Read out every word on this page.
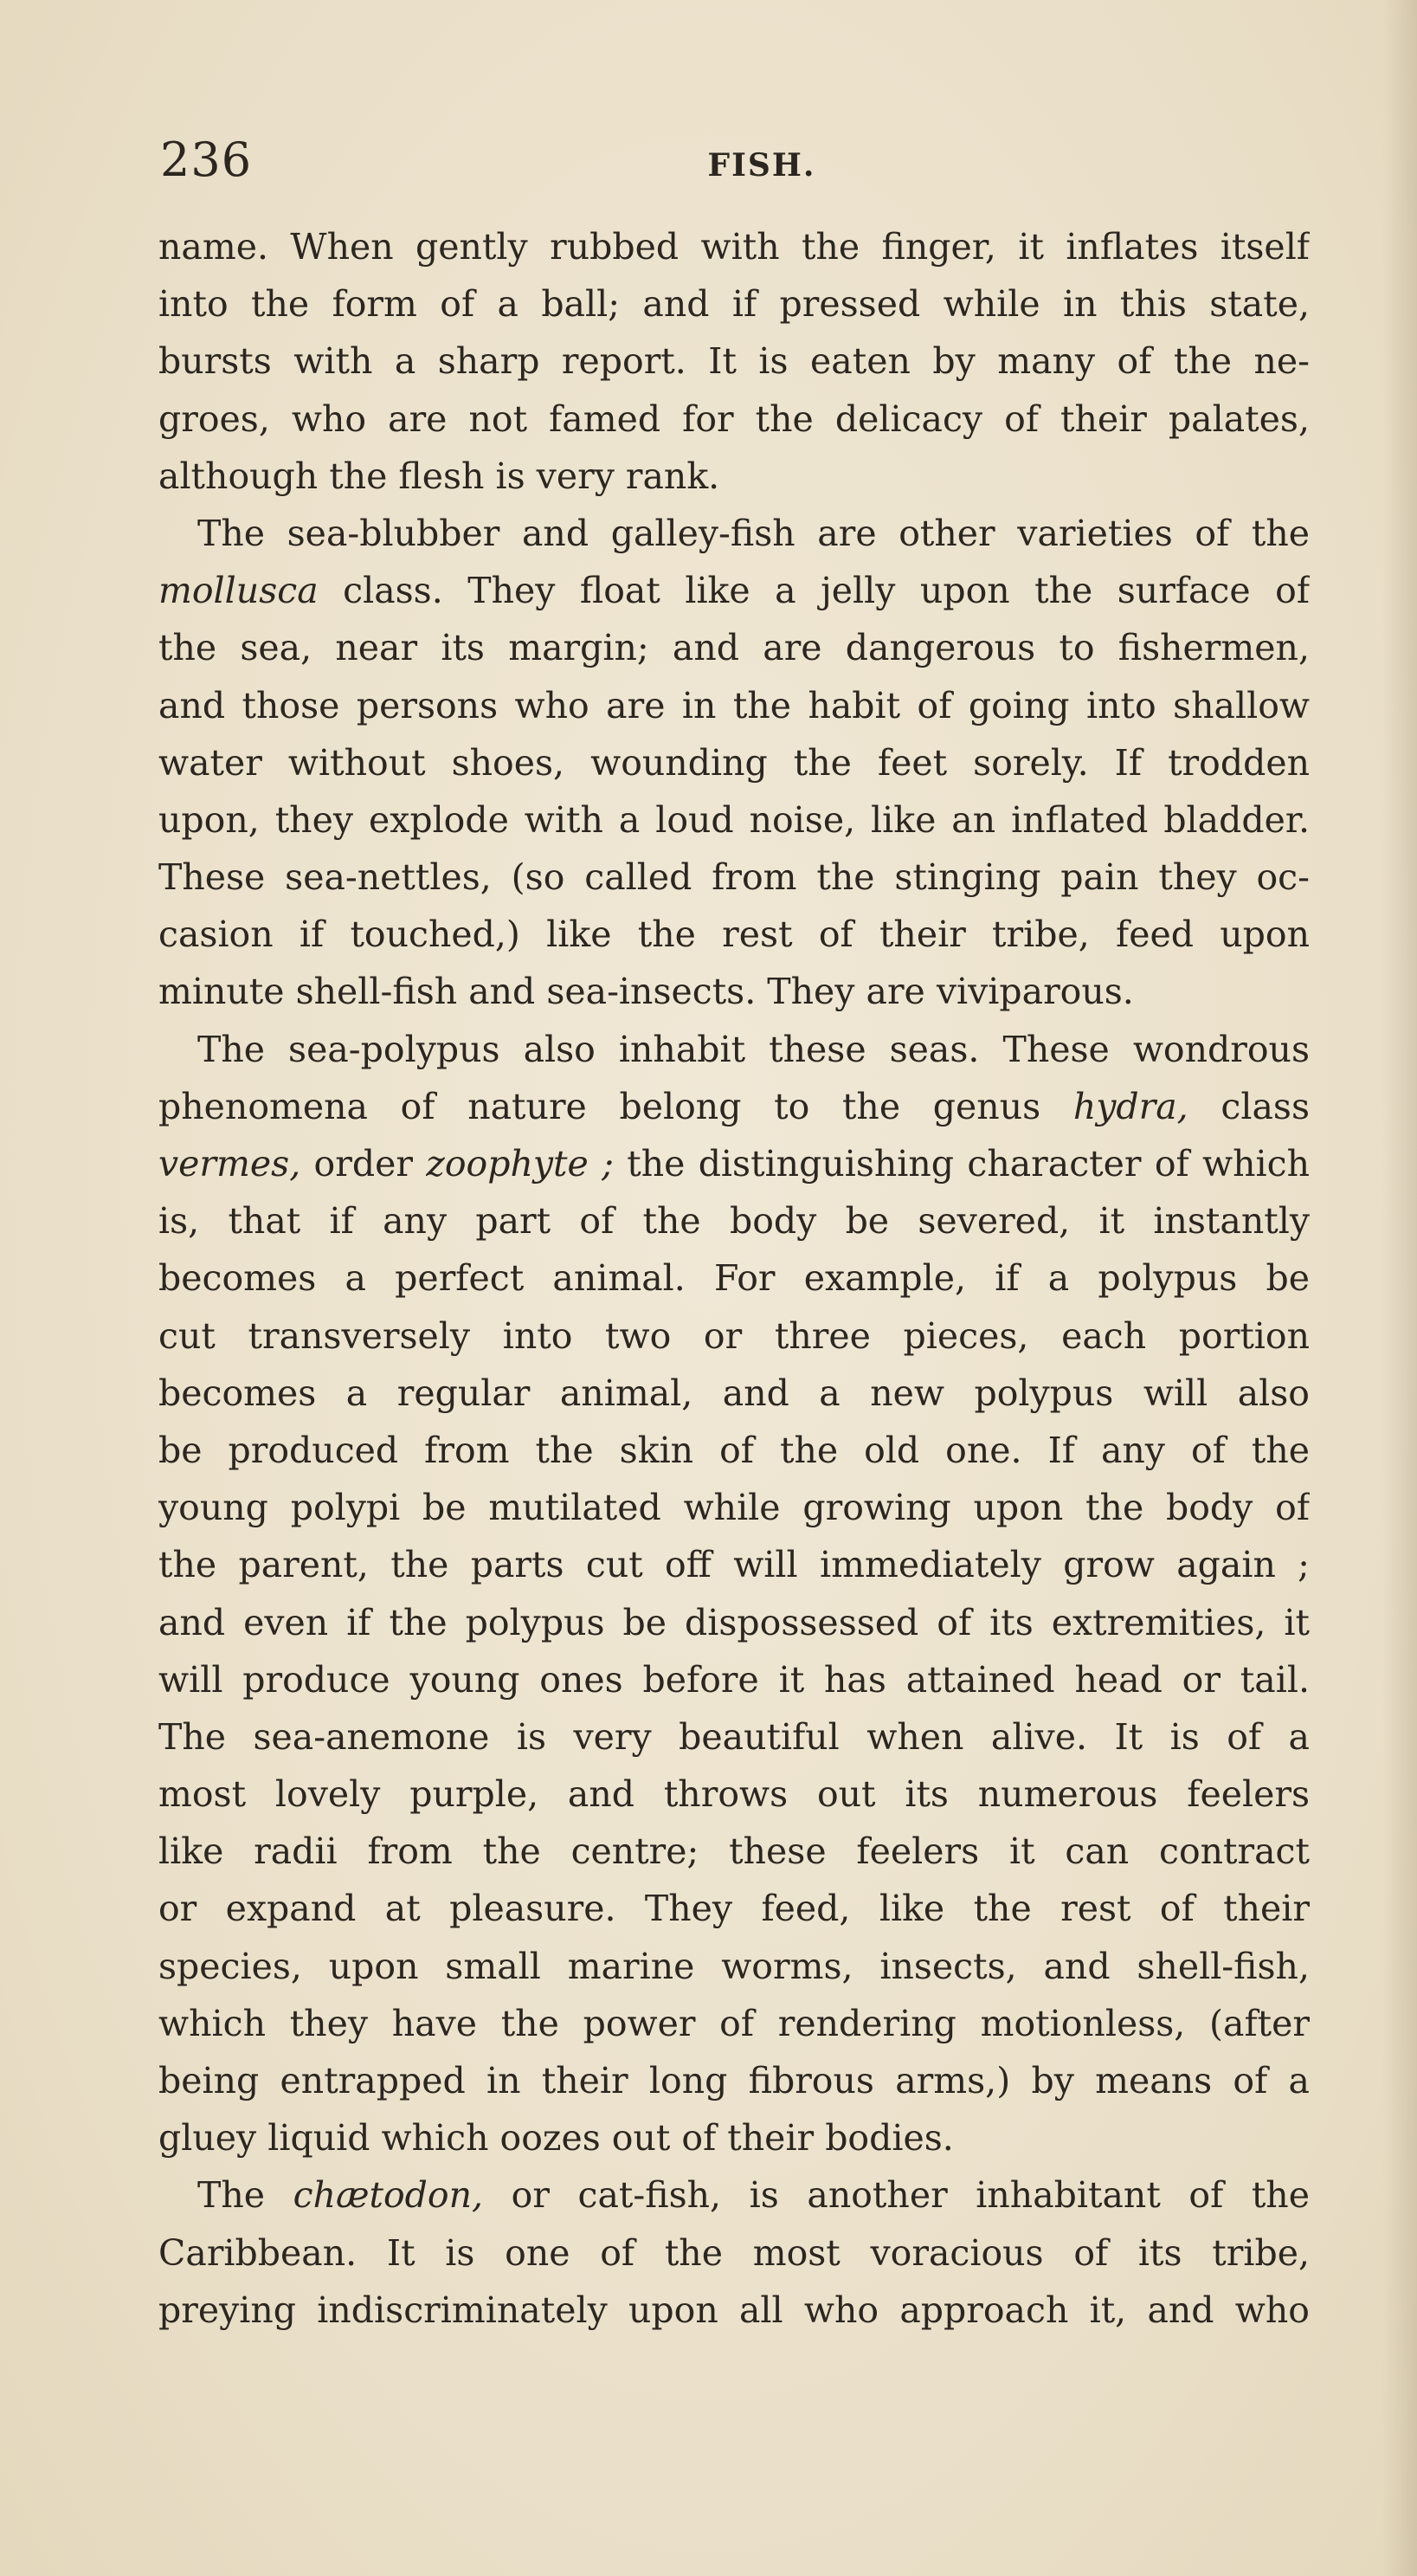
236	FISH.
name. When gently rubbed with the finger, it inflates itself
into the form of a ball; and if pressed while in this state,
bursts with a sharp report. It is eaten by many of the ne-
groes, who are not famed for the delicacy of their palates,
although the flesh is very rank.
The sea-blubber and galley-fish are other varieties of the
mollusca class. They float like a jelly upon the surface of
the sea, near its margin; and are dangerous to fishermen,
and those persons who are in the habit of going into shallow
water without shoes, wounding the feet sorely. If trodden
upon, they explode with a loud noise, like an inflated bladder.
These sea-nettles, (so called from the stinging pain they oc-
casion if touched,) like the rest of their tribe, feed upon
minute shell-fish and sea-insects. They are viviparous.
The sea-polypus also inhabit these seas. These wondrous
phenomena of nature belong to the genus hydra, class
vermes, order zoophyte ; the distinguishing character of which
is, that if any part of the body be severed, it instantly
becomes a perfect animal. For example, if a polypus be
cut transversely into two or three pieces, each portion
becomes a regular animal, and a new polypus will also
be produced from the skin of the old one. If any of the
young polypi be mutilated while growing upon the body of
the parent, the parts cut off will immediately grow again ;
and even if the polypus be dispossessed of its extremities, it
will produce young ones before it has attained head or tail.
The sea-anemone is very beautiful when alive. It is of a
most lovely purple, and throws out its numerous feelers
like radii from the centre; these feelers it can contract
or expand at pleasure. They feed, like the rest of their
species, upon small marine worms, insects, and shell-fish,
which they have the power of rendering motionless, (after
being entrapped in their long fibrous arms,) by means of a
gluey liquid which oozes out of their bodies.
The chætodon, or cat-fish, is another inhabitant of the
Caribbean. It is one of the most voracious of its tribe,
preying indiscriminately upon all who approach it, and who
